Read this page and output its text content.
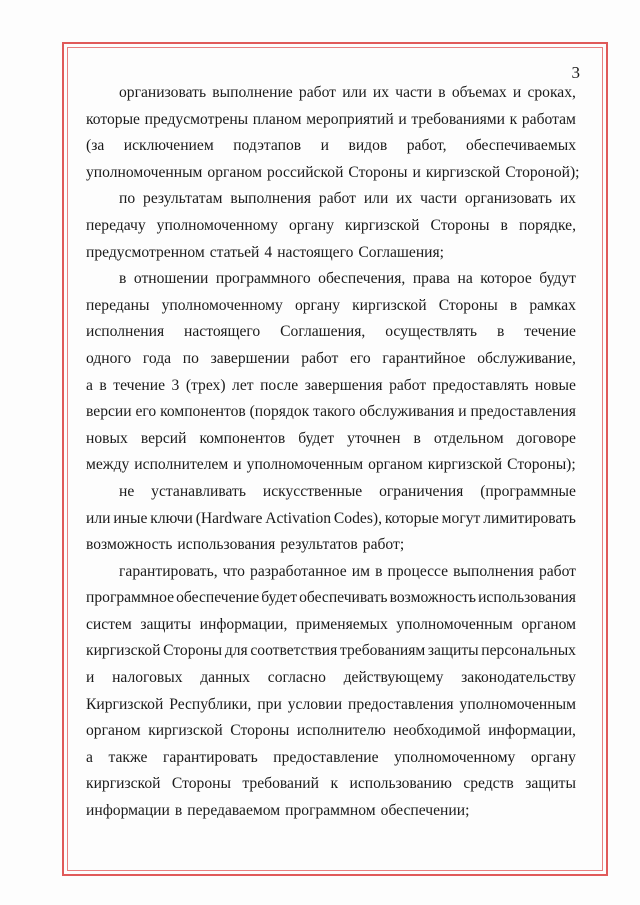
3
организовать выполнение работ или их части в объемах и сроках,
которые предусмотрены планом мероприятий и требованиями к работам
(за исключением подэтапов и видов работ, обеспечиваемых
уполномоченным органом российской Стороны и киргизской Стороной);
по результатам выполнения работ или их части организовать их
передачу уполномоченному органу киргизской Стороны в порядке,
предусмотренном статьей 4 настоящего Соглашения;
в отношении программного обеспечения, права на которое будут
переданы уполномоченному органу киргизской Стороны в рамках
исполнения настоящего Соглашения, осуществлять в течение
одного года по завершении работ его гарантийное обслуживание,
а в течение 3 (трех) лет после завершения работ предоставлять новые
версии его компонентов (порядок такого обслуживания и предоставления
новых версий компонентов будет уточнен в отдельном договоре
между исполнителем и уполномоченным органом киргизской Стороны);
не устанавливать искусственные ограничения (программные
или иные ключи (Hardware Activation Codes), которые могут лимитировать
возможность использования результатов работ;
гарантировать, что разработанное им в процессе выполнения работ
программное обеспечение будет обеспечивать возможность использования
систем защиты информации, применяемых уполномоченным органом
киргизской Стороны для соответствия требованиям защиты персональных
и налоговых данных согласно действующему законодательству
Киргизской Республики, при условии предоставления уполномоченным
органом киргизской Стороны исполнителю необходимой информации,
а также гарантировать предоставление уполномоченному органу
киргизской Стороны требований к использованию средств защиты
информации в передаваемом программном обеспечении;
